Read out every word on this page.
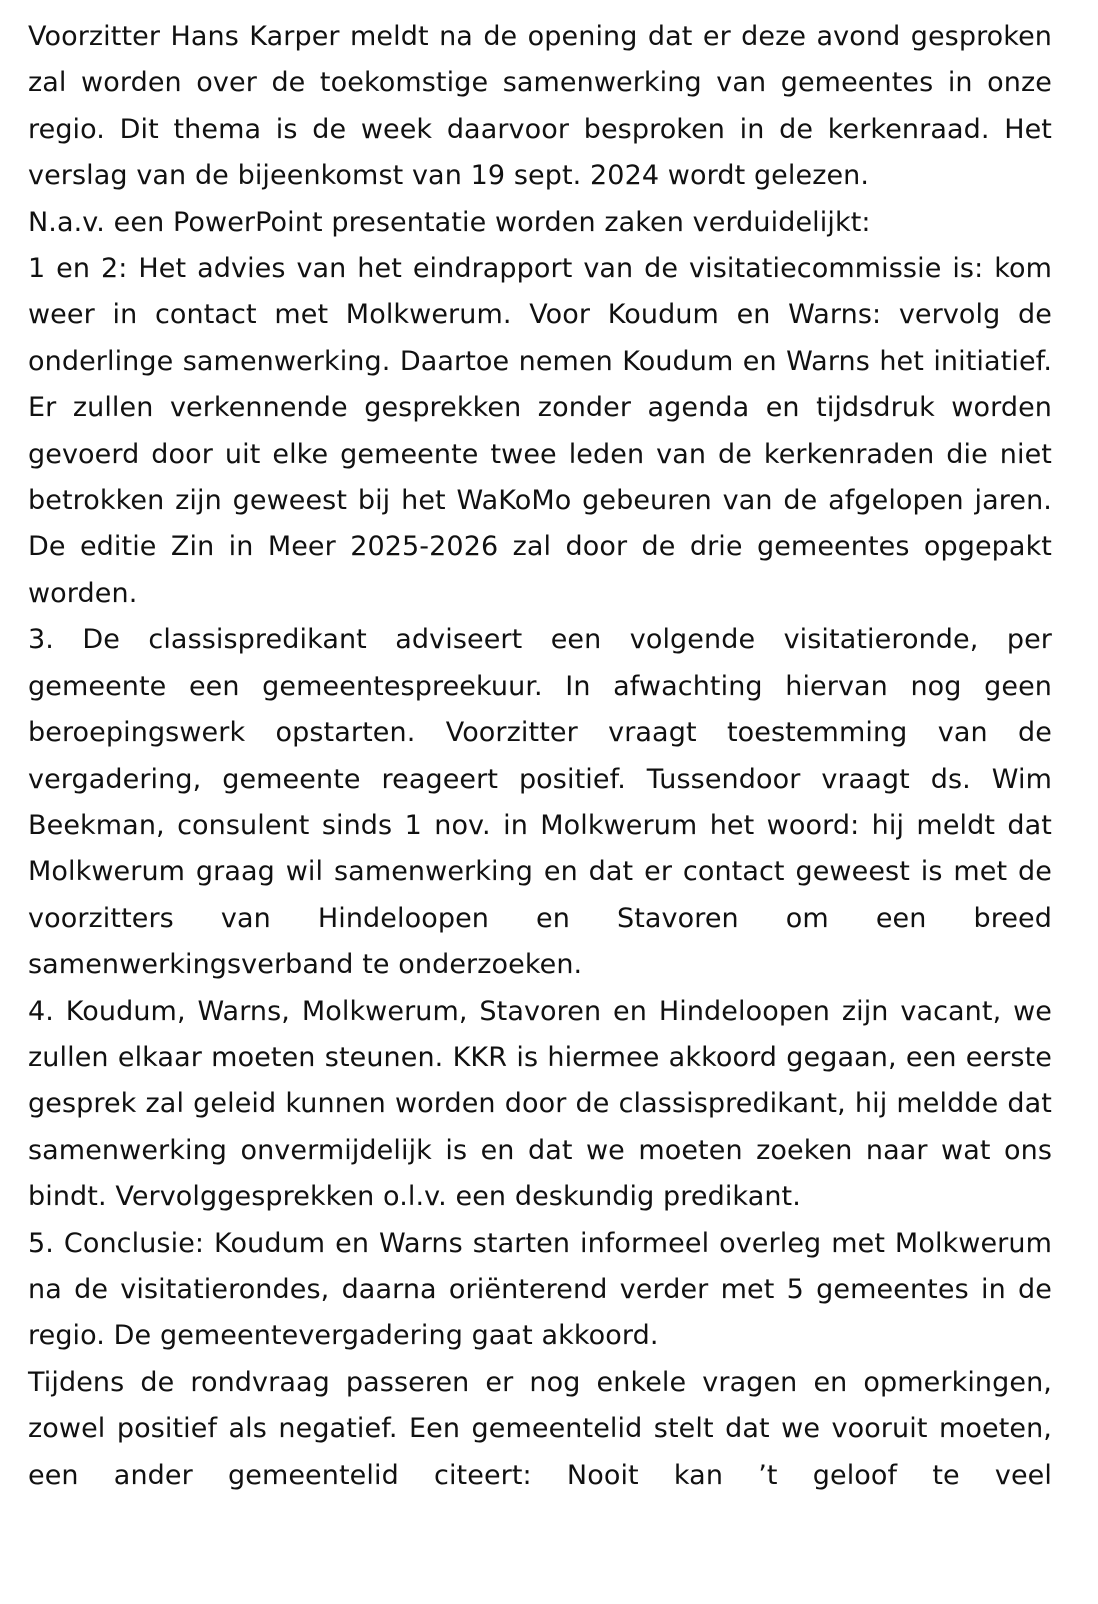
Voorzitter Hans Karper meldt na de opening dat er deze avond gesproken zal worden over de toekomstige samenwerking van gemeentes in onze regio. Dit thema is de week daarvoor besproken in de kerkenraad. Het verslag van de bijeenkomst van 19 sept. 2024 wordt gelezen.

N.a.v. een PowerPoint presentatie worden zaken verduidelijkt:

1 en 2: Het advies van het eindrapport van de visitatiecommissie is: kom weer in contact met Molkwerum. Voor Koudum en Warns: vervolg de onderlinge samenwerking. Daartoe nemen Koudum en Warns het initiatief. Er zullen verkennende gesprekken zonder agenda en tijdsdruk worden gevoerd door uit elke gemeente twee leden van de kerkenraden die niet betrokken zijn geweest bij het WaKoMo gebeuren van de afgelopen jaren. De editie Zin in Meer 2025-2026 zal door de drie gemeentes opgepakt worden.

3. De classispredikant adviseert een volgende visitatieronde, per gemeente een gemeentespreekuur. In afwachting hiervan nog geen beroepingswerk opstarten. Voorzitter vraagt toestemming van de vergadering, gemeente reageert positief. Tussendoor vraagt ds. Wim Beekman, consulent sinds 1 nov. in Molkwerum het woord: hij meldt dat Molkwerum graag wil samenwerking en dat er contact geweest is met de voorzitters van Hindeloopen en Stavoren om een breed samenwerkingsverband te onderzoeken.

4. Koudum, Warns, Molkwerum, Stavoren en Hindeloopen zijn vacant, we zullen elkaar moeten steunen. KKR is hiermee akkoord gegaan, een eerste gesprek zal geleid kunnen worden door de classispredikant, hij meldde dat samenwerking onvermijdelijk is en dat we moeten zoeken naar wat ons bindt. Vervolggesprekken o.l.v. een deskundig predikant.

5. Conclusie: Koudum en Warns starten informeel overleg met Molkwerum na de visitatierondes, daarna oriënterend verder met 5 gemeentes in de regio. De gemeentevergadering gaat akkoord.

Tijdens de rondvraag passeren er nog enkele vragen en opmerkingen, zowel positief als negatief. Een gemeentelid stelt dat we vooruit moeten, een ander gemeentelid citeert: Nooit kan ’t geloof te veel
